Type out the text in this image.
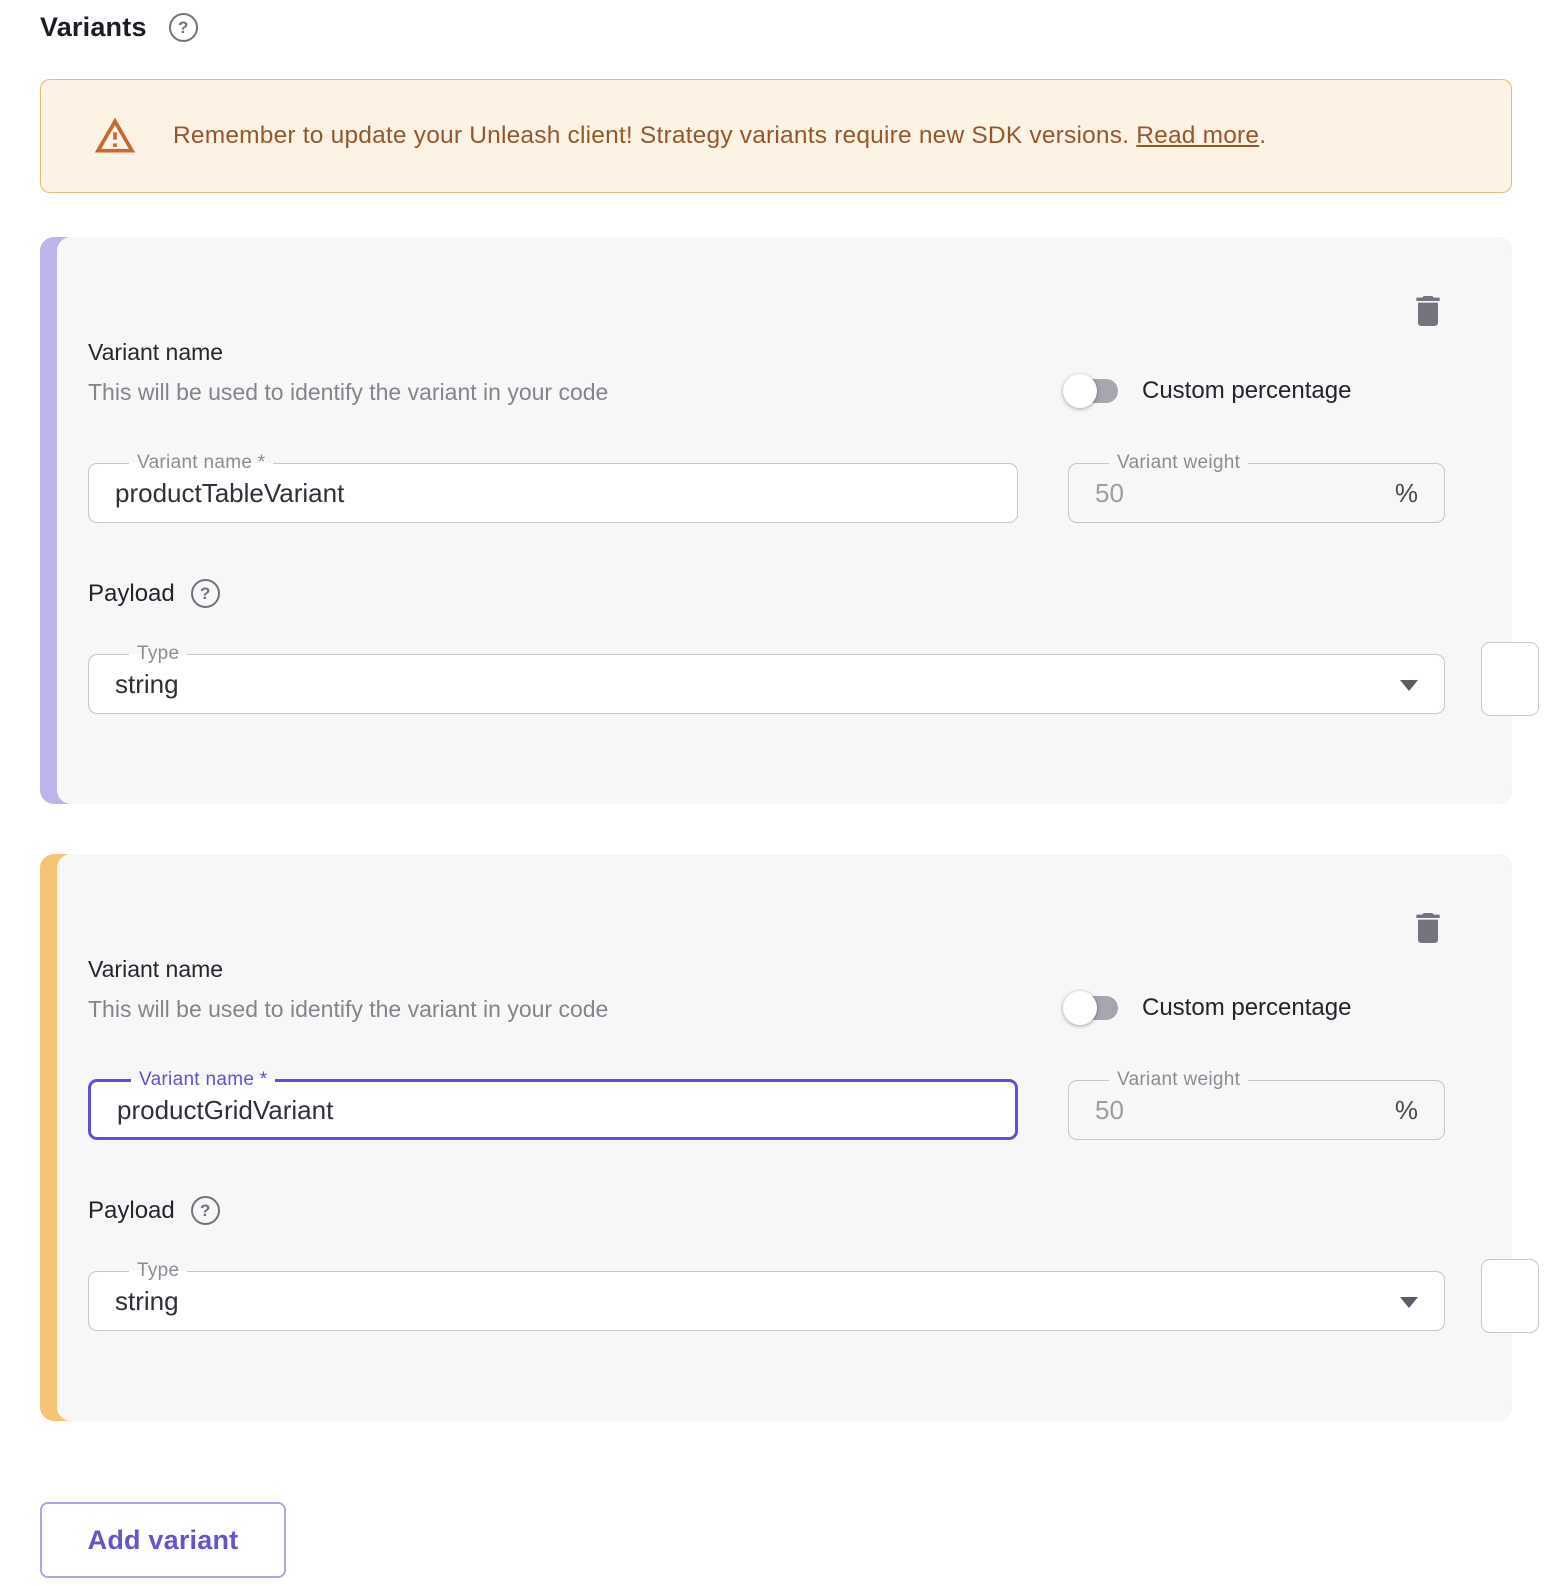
Variants	?
Remember to update your Unleash client! Strategy variants require new SDK versions. Read more.
Variant name
This will be used to identify the variant in your code	Custom percentage
Variant name *
productTableVariant	Variant weight
50	%
Payload	?
Type
string
Variant name
This will be used to identify the variant in your code	Custom percentage
Variant name *
productGridVariant	Variant weight
50	%
Payload	?
Type
string
Add variant
